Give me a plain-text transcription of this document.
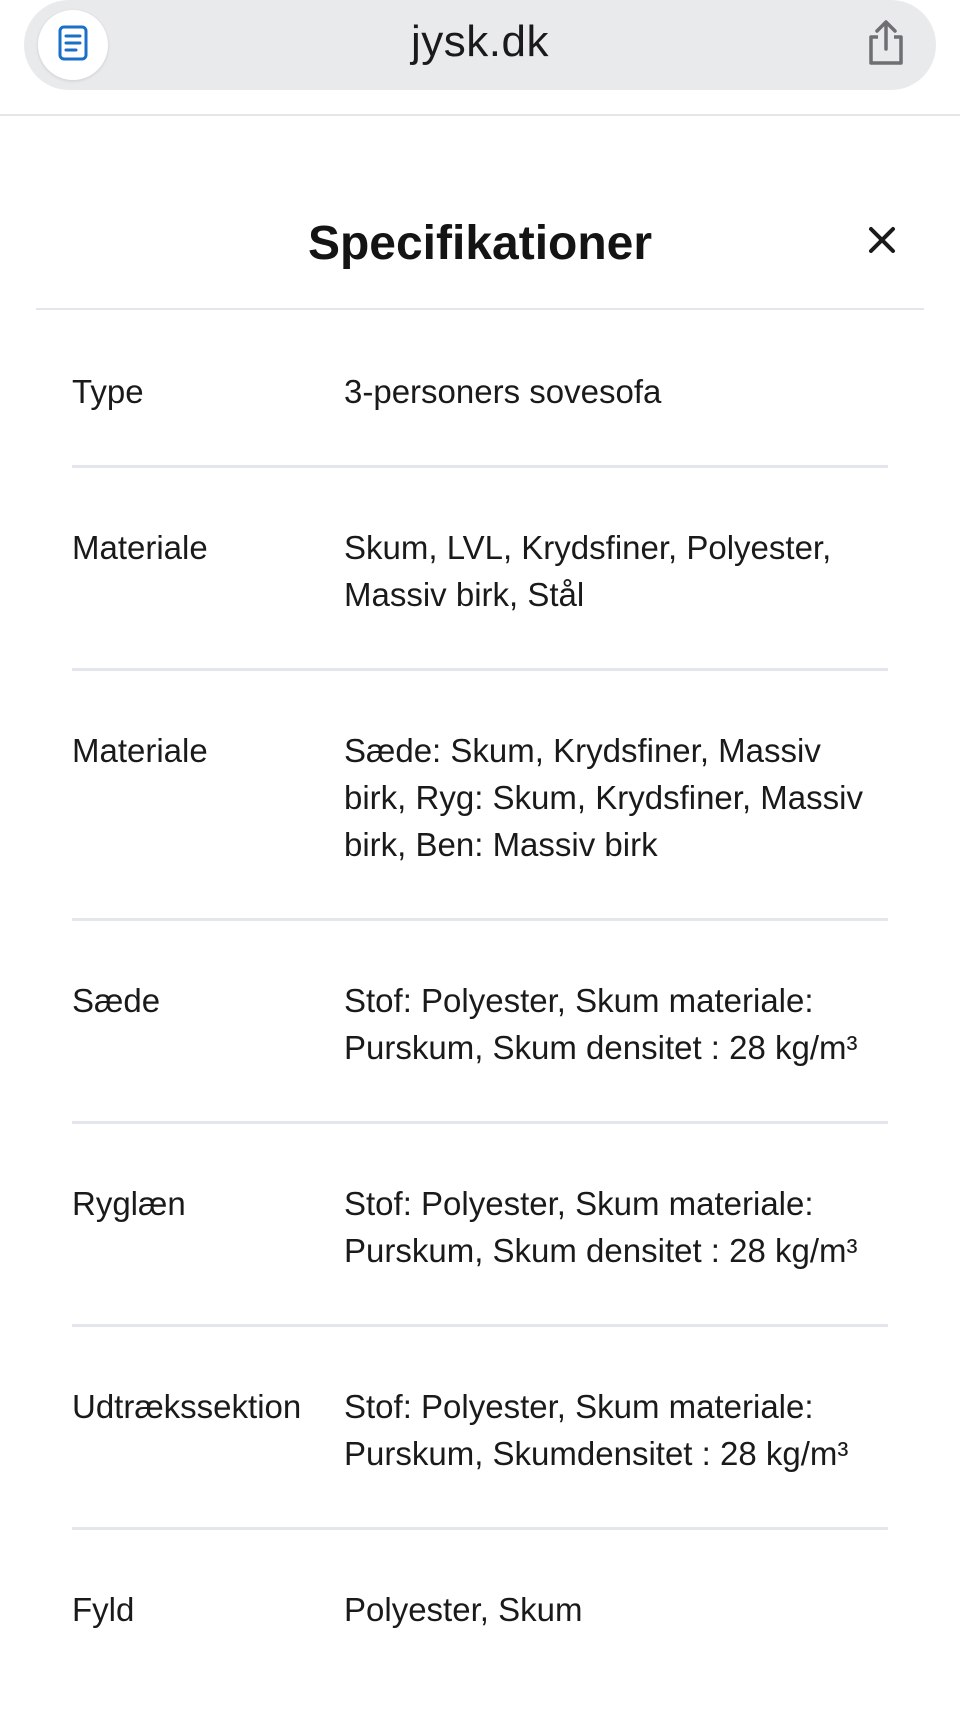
jysk.dk
Specifikationer
Type	3-personers sovesofa
Materiale	Skum, LVL, Krydsfiner, Polyester,
Massiv birk, Stål
Materiale	Sæde: Skum, Krydsfiner, Massiv
birk, Ryg: Skum, Krydsfiner, Massiv
birk, Ben: Massiv birk
Sæde	Stof: Polyester, Skum materiale:
Purskum, Skum densitet : 28 kg/m³
Ryglæn	Stof: Polyester, Skum materiale:
Purskum, Skum densitet : 28 kg/m³
Udtrækssektion	Stof: Polyester, Skum materiale:
Purskum, Skumdensitet : 28 kg/m³
Fyld	Polyester, Skum
